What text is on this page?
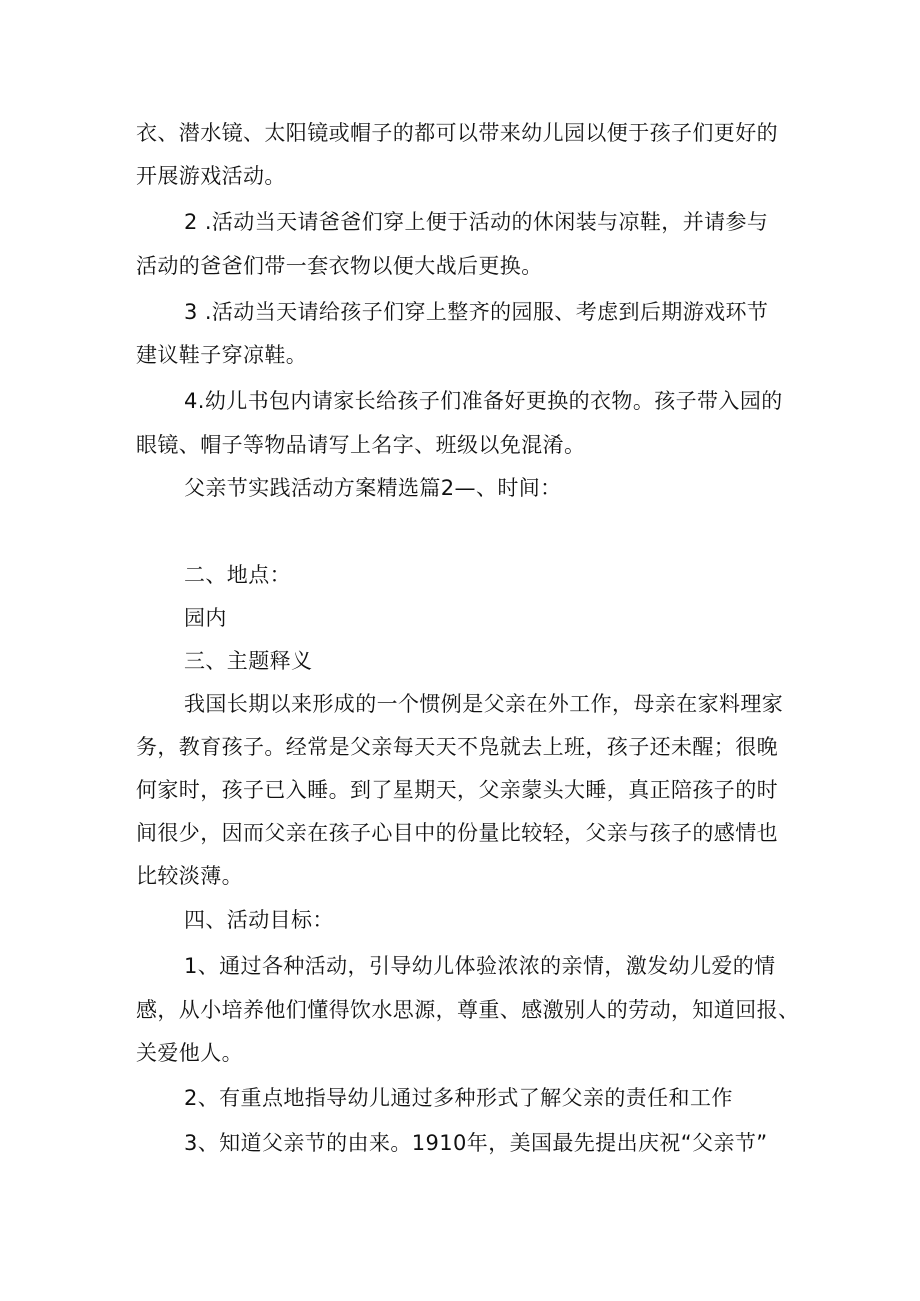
衣、潜水镜、太阳镜或帽子的都可以带来幼儿园以便于孩子们更好的
开展游戏活动。
2 .活动当天请爸爸们穿上便于活动的休闲装与凉鞋，并请参与
活动的爸爸们带一套衣物以便大战后更换。
3 .活动当天请给孩子们穿上整齐的园服、考虑到后期游戏环节
建议鞋子穿凉鞋。
4.幼儿书包内请家长给孩子们准备好更换的衣物。孩子带入园的
眼镜、帽子等物品请写上名字、班级以免混淆。
父亲节实践活动方案精选篇2—、时间：
二、地点：
园内
三、主题释义
我国长期以来形成的一个惯例是父亲在外工作，母亲在家料理家
务，教育孩子。经常是父亲每天天不凫就去上班，孩子还未醒；很晚
何家时，孩子已入睡。到了星期天，父亲蒙头大睡，真正陪孩子的时
间很少，因而父亲在孩子心目中的份量比较轻，父亲与孩子的感情也
比较淡薄。
四、活动目标：
1、通过各种活动，引导幼儿体验浓浓的亲情，激发幼儿爱的情
感，从小培养他们懂得饮水思源，尊重、感激别人的劳动，知道回报、
关爱他人。
2、有重点地指导幼儿通过多种形式了解父亲的责任和工作
3、知道父亲节的由来。1910年，美国最先提出庆祝“父亲节”
